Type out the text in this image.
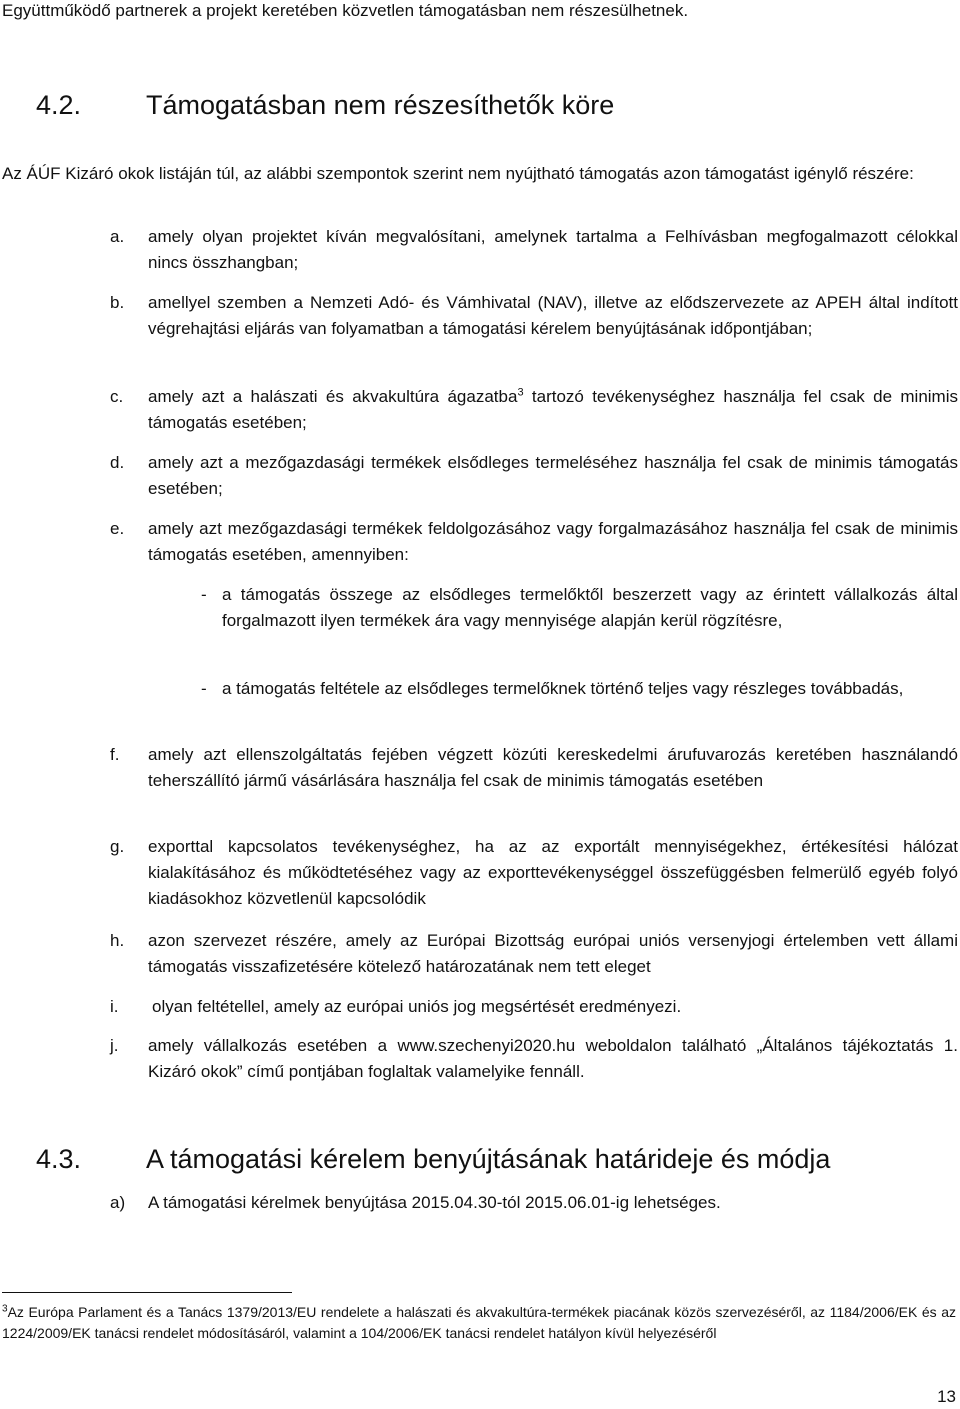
Együttműködő partnerek a projekt keretében közvetlen támogatásban nem részesülhetnek.
4.2. Támogatásban nem részesíthetők köre
Az ÁÚF Kizáró okok listáján túl, az alábbi szempontok szerint nem nyújtható támogatás azon támogatást igénylő részére:
a. amely olyan projektet kíván megvalósítani, amelynek tartalma a Felhívásban megfogalmazott célokkal nincs összhangban;
b. amellyel szemben a Nemzeti Adó- és Vámhivatal (NAV), illetve az elődszervezete az APEH által indított végrehajtási eljárás van folyamatban a támogatási kérelem benyújtásának időpontjában;
c. amely azt a halászati és akvakultúra ágazatba$^3$ tartozó tevékenységhez használja fel csak de minimis támogatás esetében;
d. amely azt a mezőgazdasági termékek elsődleges termeléséhez használja fel csak de minimis támogatás esetében;
e. amely azt mezőgazdasági termékek feldolgozásához vagy forgalmazásához használja fel csak de minimis támogatás esetében, amennyiben:
- a támogatás összege az elsődleges termelőktől beszerzett vagy az érintett vállalkozás által forgalmazott ilyen termékek ára vagy mennyisége alapján kerül rögzítésre,
- a támogatás feltétele az elsődleges termelőknek történő teljes vagy részleges továbbadás,
f. amely azt ellenszolgáltatás fejében végzett közúti kereskedelmi árufuvarozás keretében használandó teherszállító jármű vásárlására használja fel csak de minimis támogatás esetében
g. exporttal kapcsolatos tevékenységhez, ha az az exportált mennyiségekhez, értékesítési hálózat kialakításához és működtetéséhez vagy az exporttevékenységgel összefüggésben felmerülő egyéb folyó kiadásokhoz közvetlenül kapcsolódik
h. azon szervezet részére, amely az Európai Bizottság európai uniós versenyjogi értelemben vett állami támogatás visszafizetésére kötelező határozatának nem tett eleget
i. olyan feltétellel, amely az európai uniós jog megsértését eredményezi.
j. amely vállalkozás esetében a www.szechenyi2020.hu weboldalon található „Általános tájékoztatás 1. Kizáró okok” című pontjában foglaltak valamelyike fennáll.
4.3. A támogatási kérelem benyújtásának határideje és módja
a) A támogatási kérelmek benyújtása 2015.04.30-tól 2015.06.01-ig lehetséges.
$^3$Az Európa Parlament és a Tanács 1379/2013/EU rendelete a halászati és akvakultúra-termékek piacának közös szervezéséről, az 1184/2006/EK és az 1224/2009/EK tanácsi rendelet módosításáról, valamint a 104/2006/EK tanácsi rendelet hatályon kívül helyezéséről
13
